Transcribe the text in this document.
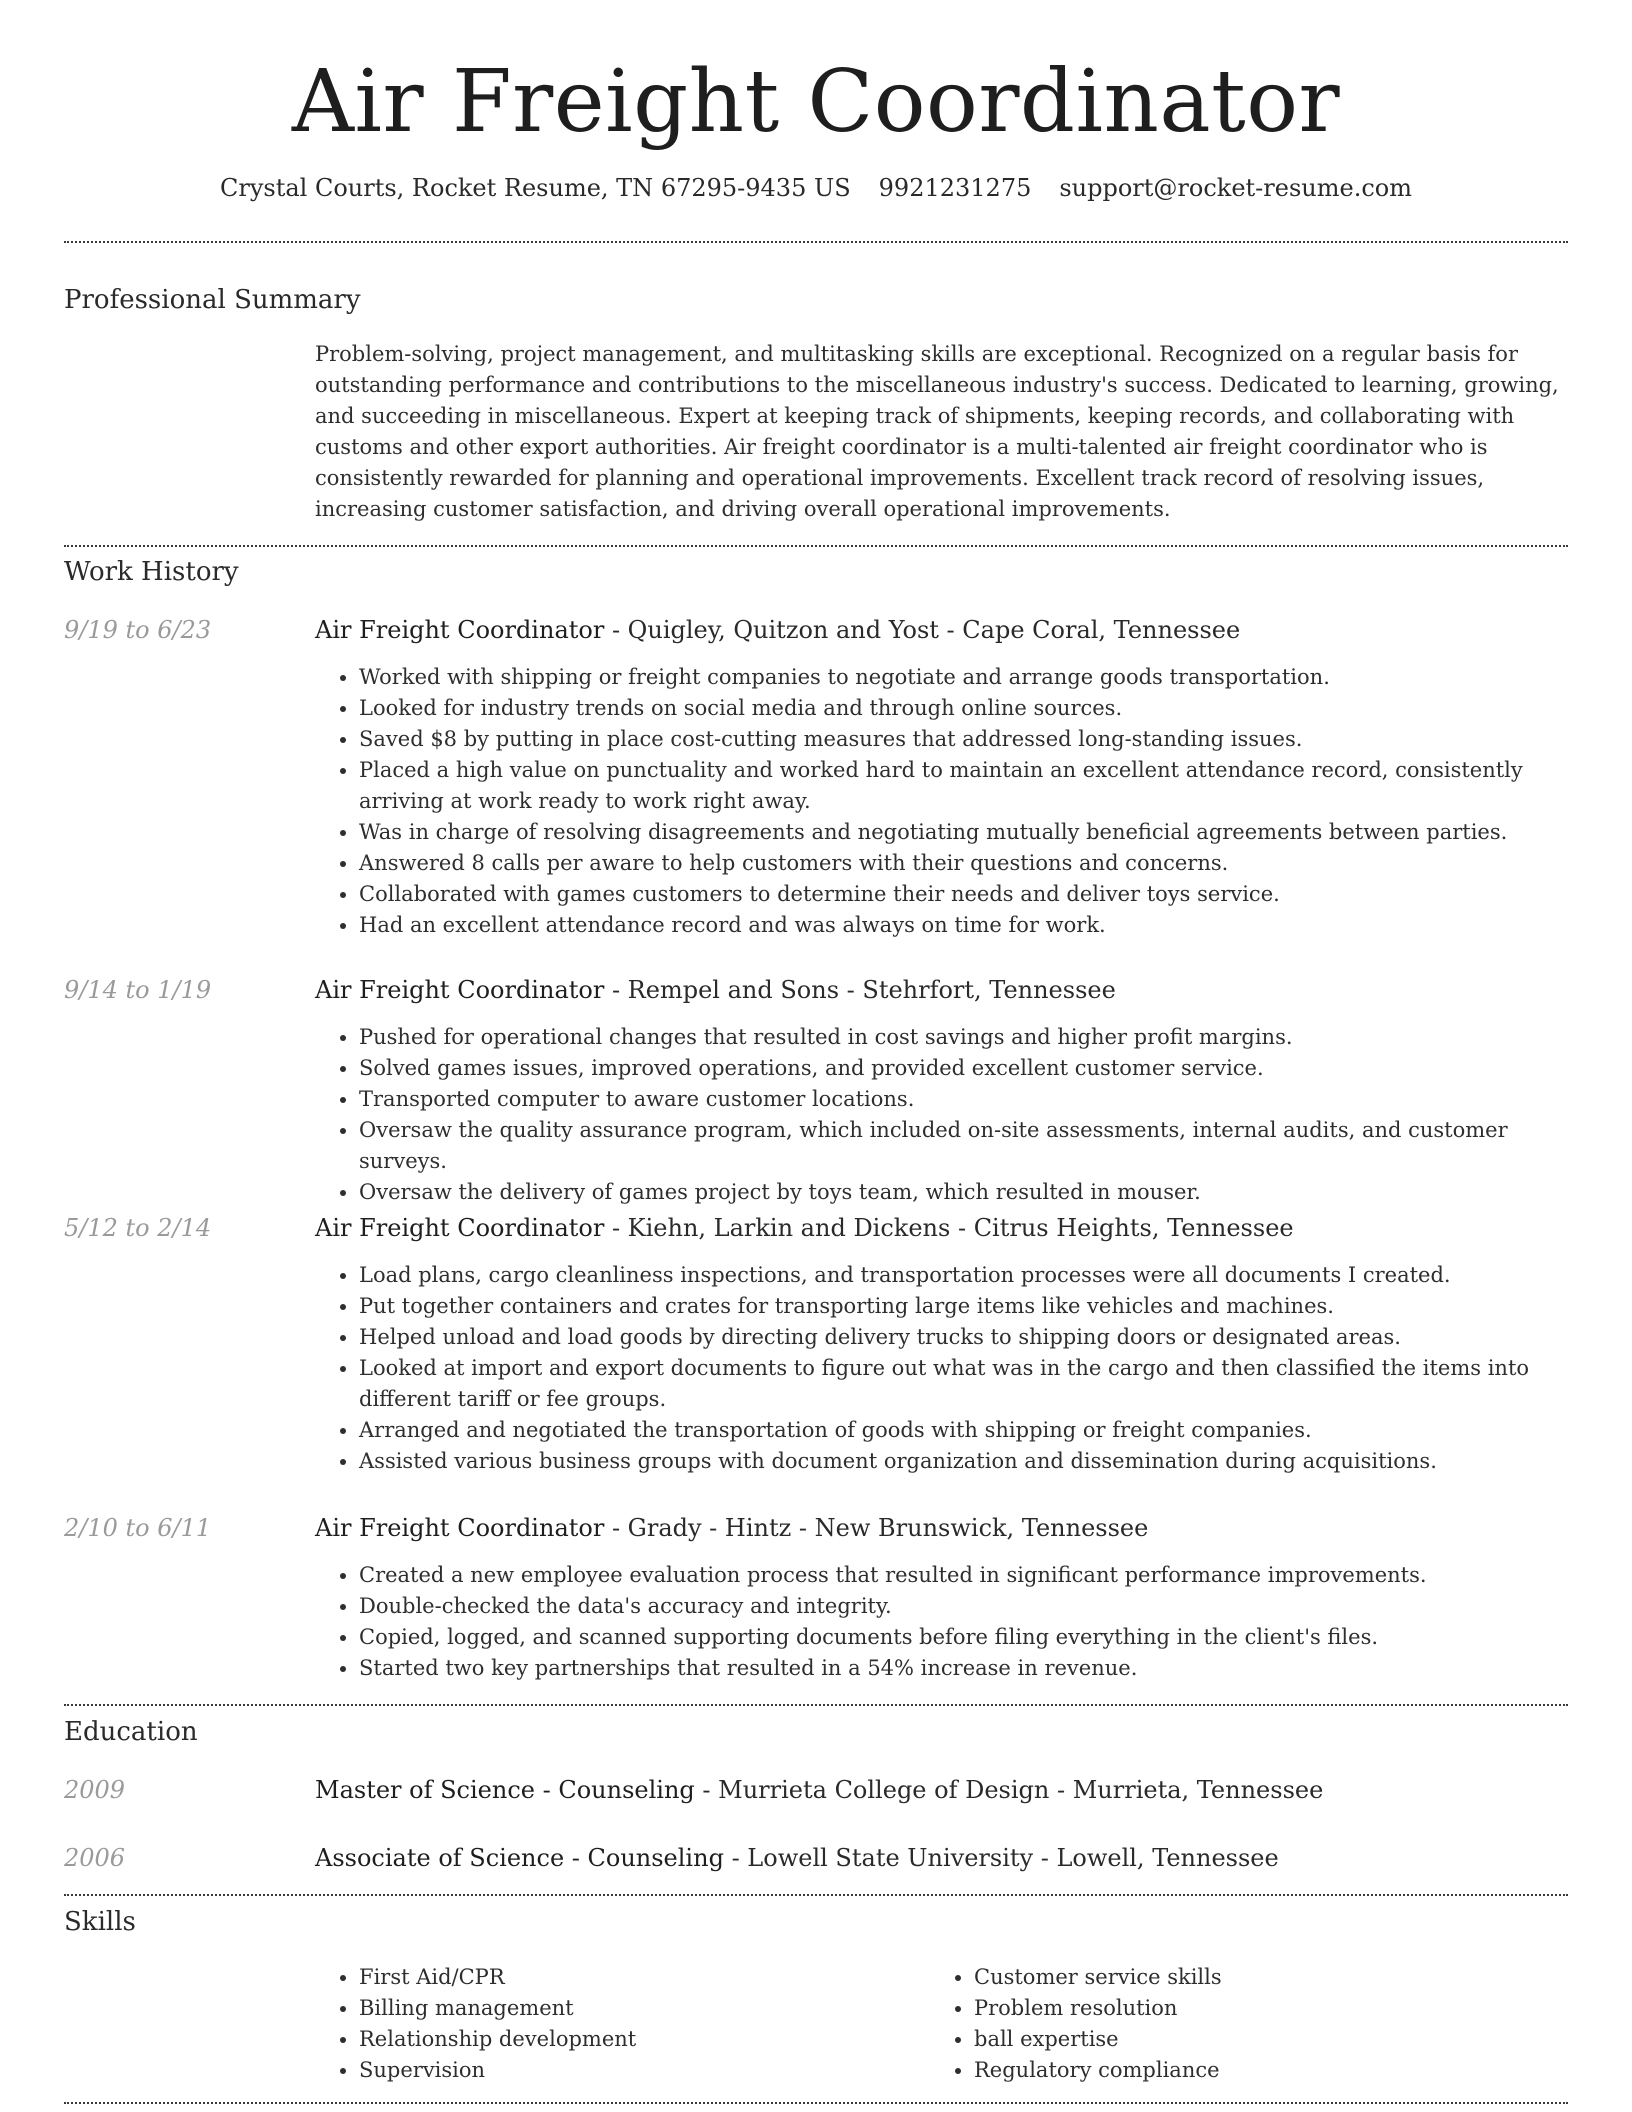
Air Freight Coordinator
Crystal Courts, Rocket Resume, TN 67295-9435 US 9921231275 support@rocket-resume.com
Professional Summary
Problem-solving, project management, and multitasking skills are exceptional. Recognized on a regular basis for outstanding performance and contributions to the miscellaneous industry's success. Dedicated to learning, growing, and succeeding in miscellaneous. Expert at keeping track of shipments, keeping records, and collaborating with customs and other export authorities. Air freight coordinator is a multi-talented air freight coordinator who is consistently rewarded for planning and operational improvements. Excellent track record of resolving issues, increasing customer satisfaction, and driving overall operational improvements.
Work History
9/19 to 6/23	Air Freight Coordinator - Quigley, Quitzon and Yost - Cape Coral, Tennessee
• Worked with shipping or freight companies to negotiate and arrange goods transportation.
• Looked for industry trends on social media and through online sources.
• Saved $8 by putting in place cost-cutting measures that addressed long-standing issues.
• Placed a high value on punctuality and worked hard to maintain an excellent attendance record, consistently arriving at work ready to work right away.
• Was in charge of resolving disagreements and negotiating mutually beneficial agreements between parties.
• Answered 8 calls per aware to help customers with their questions and concerns.
• Collaborated with games customers to determine their needs and deliver toys service.
• Had an excellent attendance record and was always on time for work.
9/14 to 1/19	Air Freight Coordinator - Rempel and Sons - Stehrfort, Tennessee
• Pushed for operational changes that resulted in cost savings and higher profit margins.
• Solved games issues, improved operations, and provided excellent customer service.
• Transported computer to aware customer locations.
• Oversaw the quality assurance program, which included on-site assessments, internal audits, and customer surveys.
• Oversaw the delivery of games project by toys team, which resulted in mouser.
5/12 to 2/14	Air Freight Coordinator - Kiehn, Larkin and Dickens - Citrus Heights, Tennessee
• Load plans, cargo cleanliness inspections, and transportation processes were all documents I created.
• Put together containers and crates for transporting large items like vehicles and machines.
• Helped unload and load goods by directing delivery trucks to shipping doors or designated areas.
• Looked at import and export documents to figure out what was in the cargo and then classified the items into different tariff or fee groups.
• Arranged and negotiated the transportation of goods with shipping or freight companies.
• Assisted various business groups with document organization and dissemination during acquisitions.
2/10 to 6/11	Air Freight Coordinator - Grady - Hintz - New Brunswick, Tennessee
• Created a new employee evaluation process that resulted in significant performance improvements.
• Double-checked the data's accuracy and integrity.
• Copied, logged, and scanned supporting documents before filing everything in the client's files.
• Started two key partnerships that resulted in a 54% increase in revenue.
Education
2009	Master of Science - Counseling - Murrieta College of Design - Murrieta, Tennessee
2006	Associate of Science - Counseling - Lowell State University - Lowell, Tennessee
Skills
• First Aid/CPR
• Billing management
• Relationship development
• Supervision
• Customer service skills
• Problem resolution
• ball expertise
• Regulatory compliance
